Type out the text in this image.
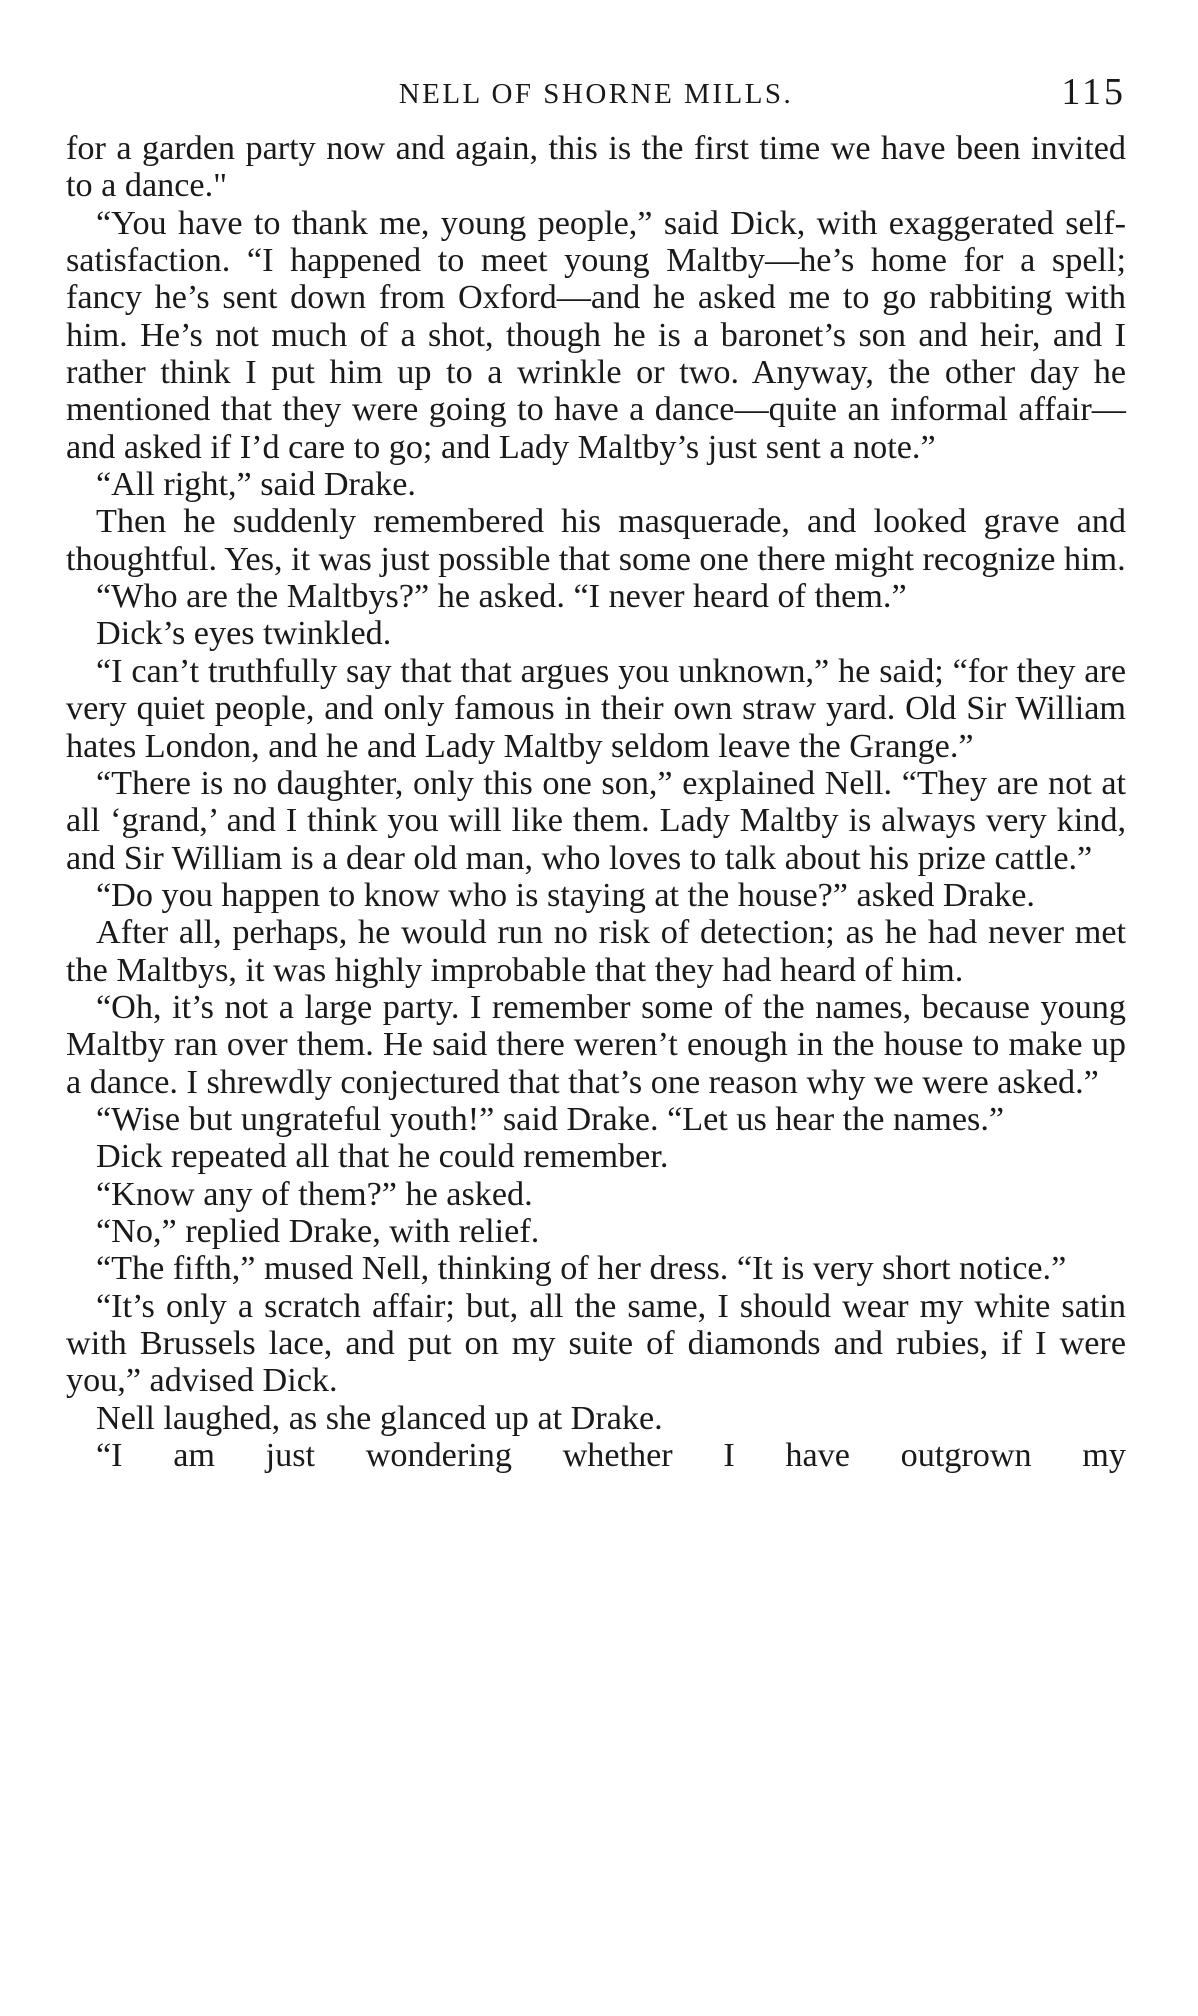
NELL OF SHORNE MILLS.	115

for a garden party now and again, this is the first time we have been invited to a dance."

“You have to thank me, young people,” said Dick, with exaggerated self-satisfaction. “I happened to meet young Maltby—he’s home for a spell; fancy he’s sent down from Oxford—and he asked me to go rabbiting with him. He’s not much of a shot, though he is a baronet’s son and heir, and I rather think I put him up to a wrinkle or two. Anyway, the other day he mentioned that they were going to have a dance—quite an informal affair—and asked if I’d care to go; and Lady Maltby’s just sent a note.”

“All right,” said Drake.

Then he suddenly remembered his masquerade, and looked grave and thoughtful. Yes, it was just possible that some one there might recognize him.

“Who are the Maltbys?” he asked. “I never heard of them.”

Dick’s eyes twinkled.

“I can’t truthfully say that that argues you unknown,” he said; “for they are very quiet people, and only famous in their own straw yard. Old Sir William hates London, and he and Lady Maltby seldom leave the Grange.”

“There is no daughter, only this one son,” explained Nell. “They are not at all ‘grand,’ and I think you will like them. Lady Maltby is always very kind, and Sir William is a dear old man, who loves to talk about his prize cattle.”

“Do you happen to know who is staying at the house?” asked Drake.

After all, perhaps, he would run no risk of detection; as he had never met the Maltbys, it was highly improbable that they had heard of him.

“Oh, it’s not a large party. I remember some of the names, because young Maltby ran over them. He said there weren’t enough in the house to make up a dance. I shrewdly conjectured that that’s one reason why we were asked.”

“Wise but ungrateful youth!” said Drake. “Let us hear the names.”

Dick repeated all that he could remember.

“Know any of them?” he asked.

“No,” replied Drake, with relief.

“The fifth,” mused Nell, thinking of her dress. “It is very short notice.”

“It’s only a scratch affair; but, all the same, I should wear my white satin with Brussels lace, and put on my suite of diamonds and rubies, if I were you,” advised Dick.

Nell laughed, as she glanced up at Drake.

“I am just wondering whether I have outgrown my
